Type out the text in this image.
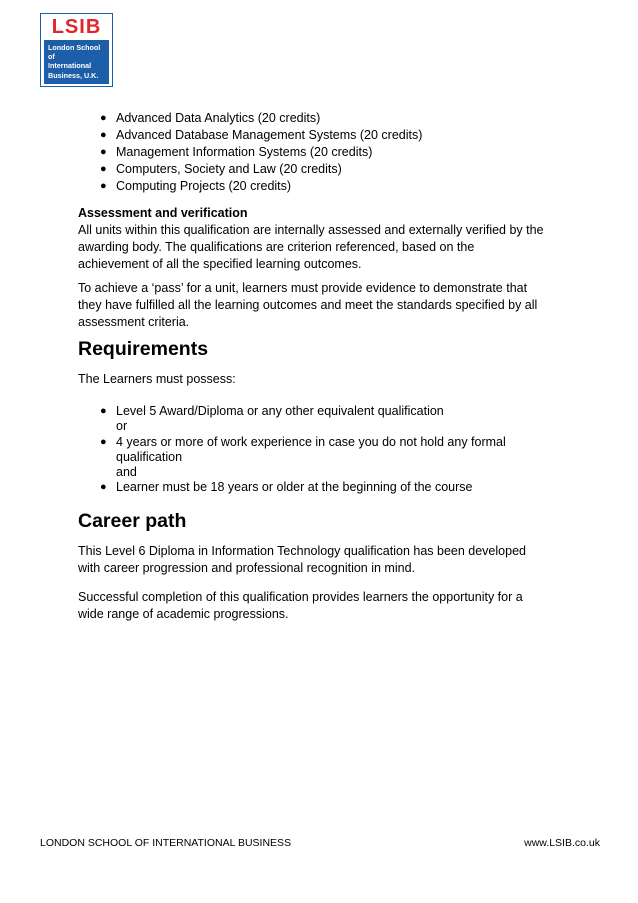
LSIB
London School of
International
Business, U.K.
● Advanced Data Analytics (20 credits)
● Advanced Database Management Systems (20 credits)
● Management Information Systems (20 credits)
● Computers, Society and Law (20 credits)
● Computing Projects (20 credits)
Assessment and verification
All units within this qualification are internally assessed and externally verified by the
awarding body. The qualifications are criterion referenced, based on the
achievement of all the specified learning outcomes.
To achieve a ‘pass’ for a unit, learners must provide evidence to demonstrate that
they have fulfilled all the learning outcomes and meet the standards specified by all
assessment criteria.
Requirements
The Learners must possess:
● Level 5 Award/Diploma or any other equivalent qualification
or
● 4 years or more of work experience in case you do not hold any formal
qualification
and
● Learner must be 18 years or older at the beginning of the course
Career path
This Level 6 Diploma in Information Technology qualification has been developed
with career progression and professional recognition in mind.
Successful completion of this qualification provides learners the opportunity for a
wide range of academic progressions.
LONDON SCHOOL OF INTERNATIONAL BUSINESS	www.LSIB.co.uk
